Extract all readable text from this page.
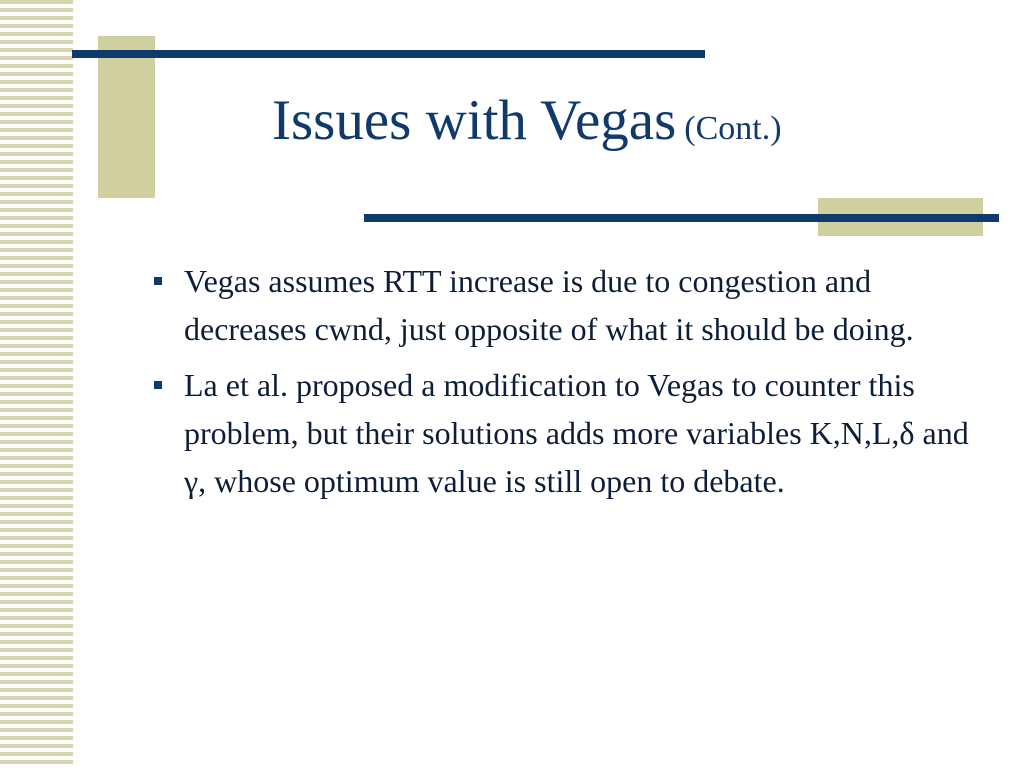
Issues with Vegas (Cont.)
Vegas assumes RTT increase is due to congestion and decreases cwnd, just opposite of what it should be doing.
La et al. proposed a modification to Vegas to counter this problem, but their solutions adds more variables K,N,L,δ and γ, whose optimum value is still open to debate.
